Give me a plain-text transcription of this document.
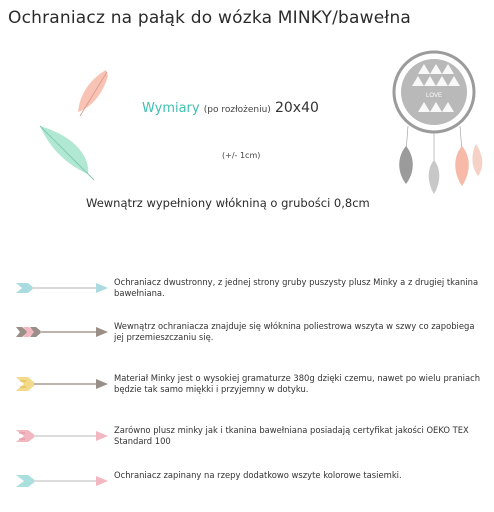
Ochraniacz na pałąk do wózka MINKY/bawełna
Wymiary (po rozłożeniu) 20x40
(+/- 1cm)
LOVE
Wewnątrz wypełniony włókniną o grubości 0,8cm
Ochraniacz dwustronny, z jednej strony gruby puszysty plusz Minky a z drugiej tkanina bawełniana.
Wewnątrz ochraniacza znajduje się włóknina poliestrowa wszyta w szwy co zapobiega jej przemieszczaniu się.
Materiał Minky jest o wysokiej gramaturze 380g dzięki czemu, nawet po wielu praniach będzie tak samo miękki i przyjemny w dotyku.
Zarówno plusz minky jak i tkanina bawełniana posiadają certyfikat jakości OEKO TEX Standard 100
Ochraniacz zapinany na rzepy dodatkowo wszyte kolorowe tasiemki.
